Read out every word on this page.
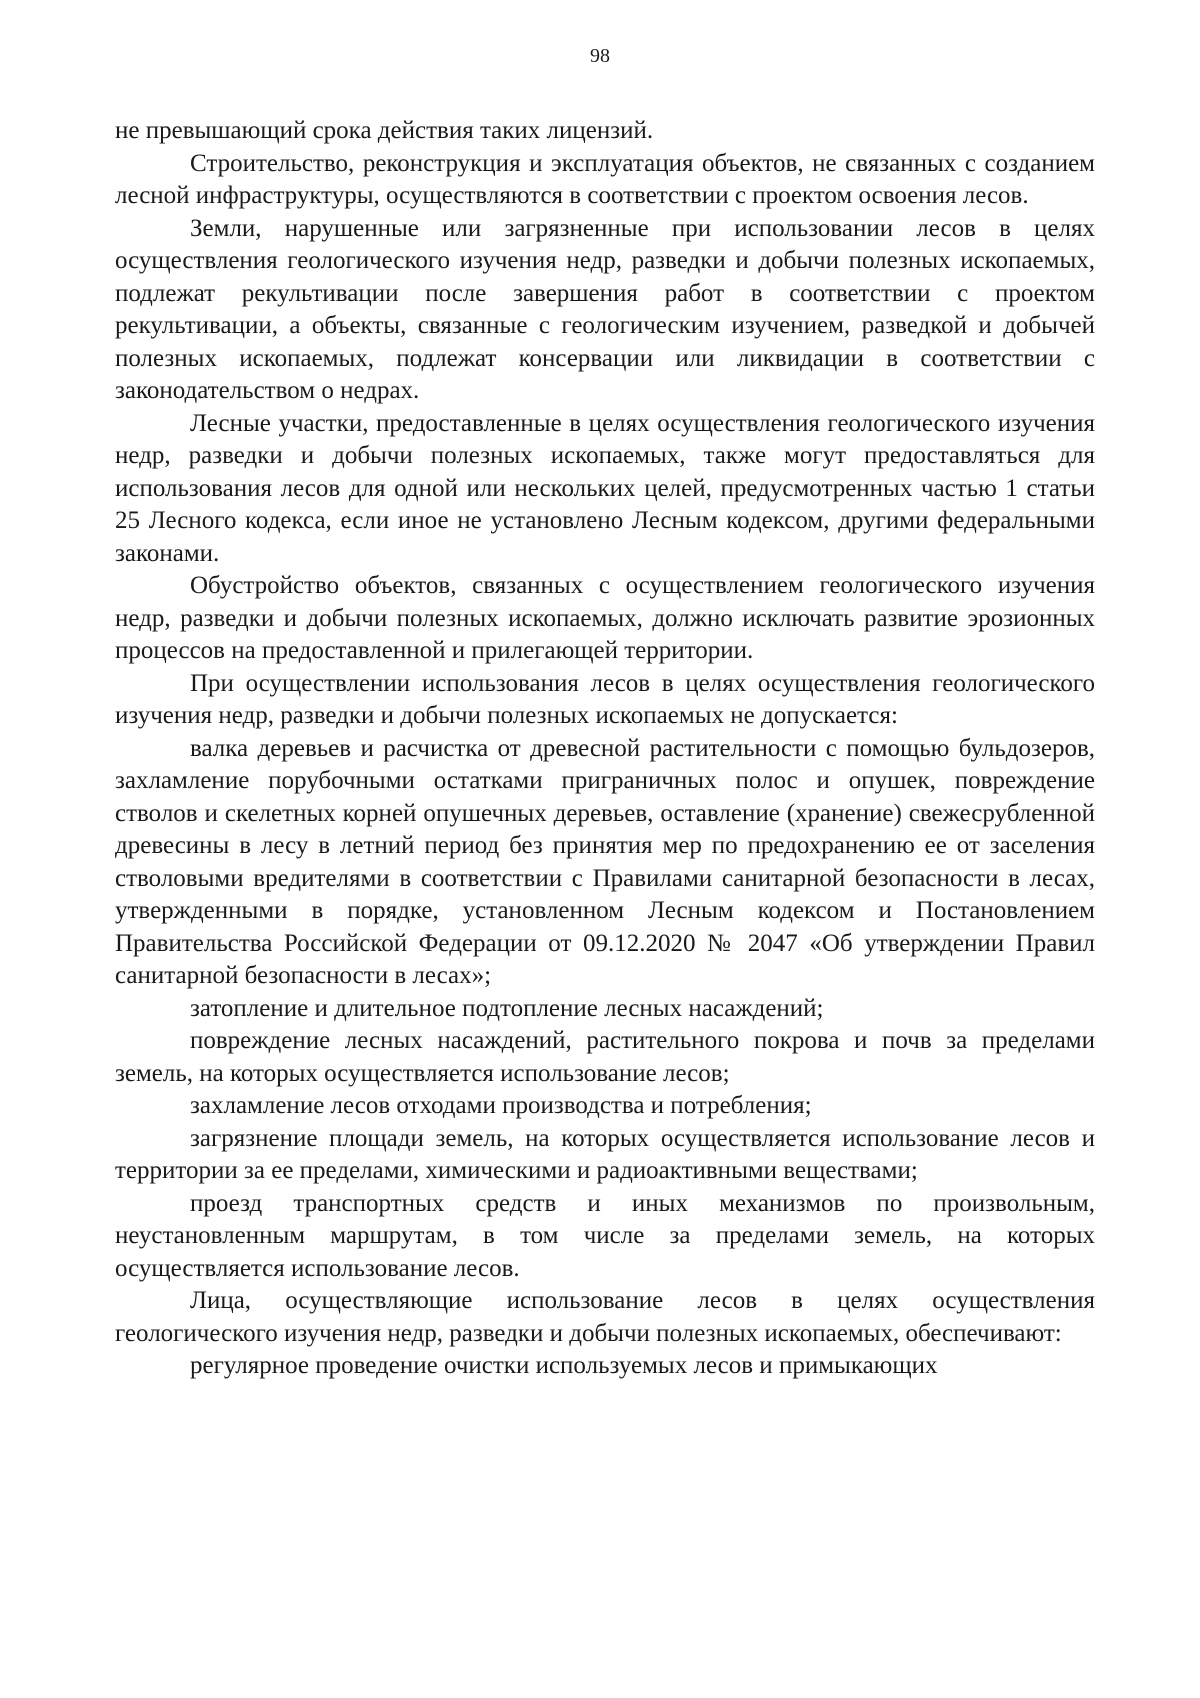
98

не превышающий срока действия таких лицензий.

Строительство, реконструкция и эксплуатация объектов, не связанных с созданием лесной инфраструктуры, осуществляются в соответствии с проектом освоения лесов.

Земли, нарушенные или загрязненные при использовании лесов в целях осуществления геологического изучения недр, разведки и добычи полезных ископаемых, подлежат рекультивации после завершения работ в соответствии с проектом рекультивации, а объекты, связанные с геологическим изучением, разведкой и добычей полезных ископаемых, подлежат консервации или ликвидации в соответствии с законодательством о недрах.

Лесные участки, предоставленные в целях осуществления геологического изучения недр, разведки и добычи полезных ископаемых, также могут предоставляться для использования лесов для одной или нескольких целей, предусмотренных частью 1 статьи 25 Лесного кодекса, если иное не установлено Лесным кодексом, другими федеральными законами.

Обустройство объектов, связанных с осуществлением геологического изучения недр, разведки и добычи полезных ископаемых, должно исключать развитие эрозионных процессов на предоставленной и прилегающей территории.

При осуществлении использования лесов в целях осуществления геологического изучения недр, разведки и добычи полезных ископаемых не допускается:

валка деревьев и расчистка от древесной растительности с помощью бульдозеров, захламление порубочными остатками приграничных полос и опушек, повреждение стволов и скелетных корней опушечных деревьев, оставление (хранение) свежесрубленной древесины в лесу в летний период без принятия мер по предохранению ее от заселения стволовыми вредителями в соответствии с Правилами санитарной безопасности в лесах, утвержденными в порядке, установленном Лесным кодексом и Постановлением Правительства Российской Федерации от 09.12.2020 № 2047 «Об утверждении Правил санитарной безопасности в лесах»;

затопление и длительное подтопление лесных насаждений;

повреждение лесных насаждений, растительного покрова и почв за пределами земель, на которых осуществляется использование лесов;

захламление лесов отходами производства и потребления;

загрязнение площади земель, на которых осуществляется использование лесов и территории за ее пределами, химическими и радиоактивными веществами;

проезд транспортных средств и иных механизмов по произвольным, неустановленным маршрутам, в том числе за пределами земель, на которых осуществляется использование лесов.

Лица, осуществляющие использование лесов в целях осуществления геологического изучения недр, разведки и добычи полезных ископаемых, обеспечивают:

регулярное проведение очистки используемых лесов и примыкающих
